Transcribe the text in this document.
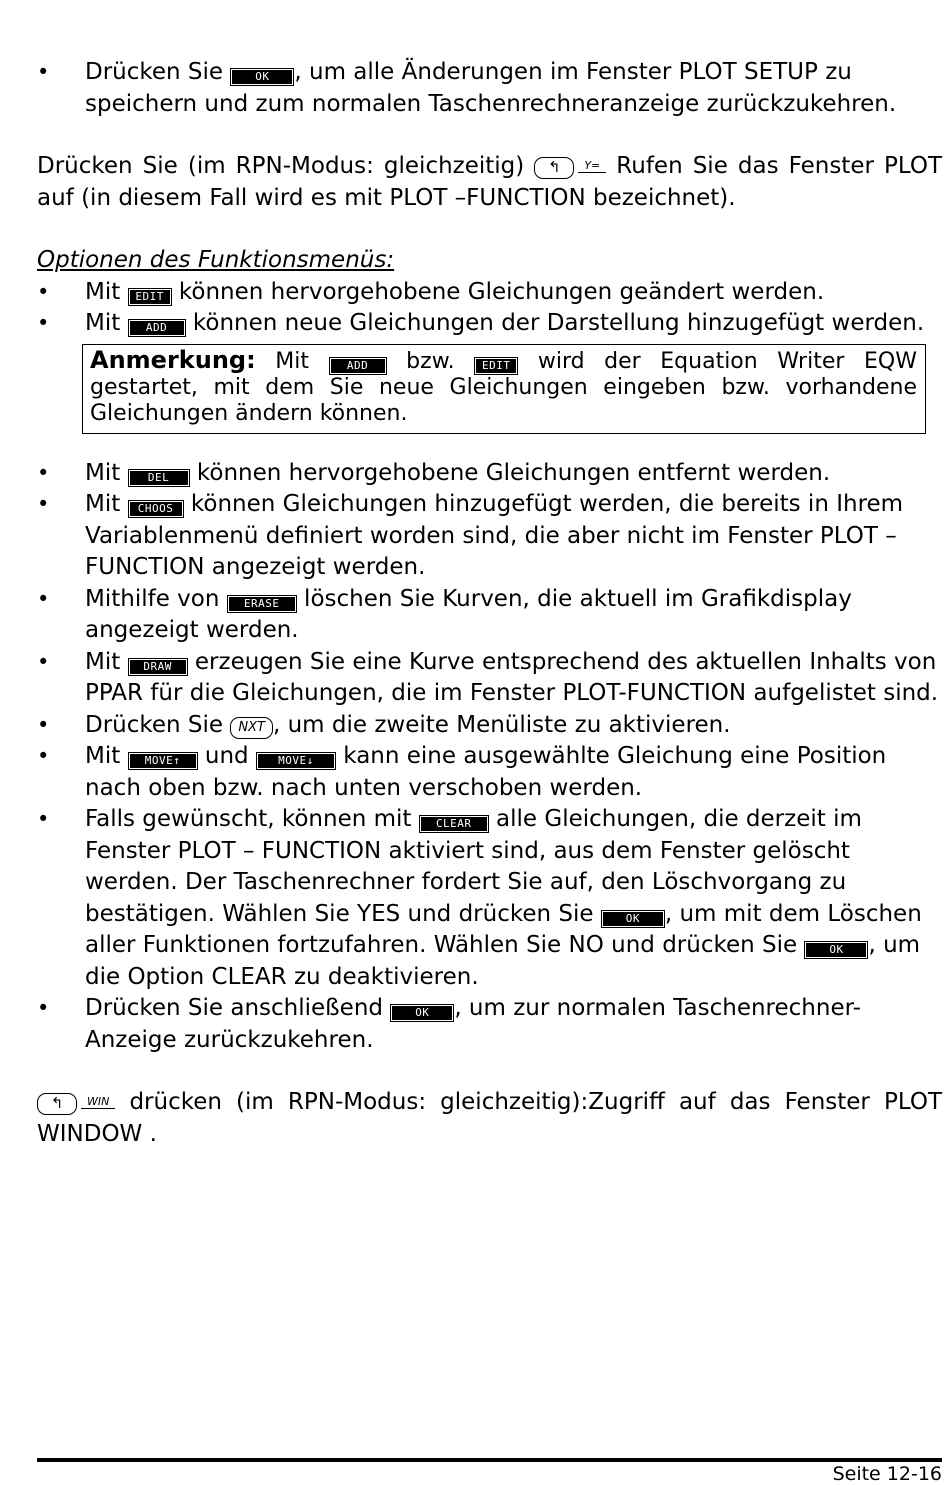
• Drücken Sie OK , um alle Änderungen im Fenster PLOT SETUP zu speichern und zum normalen Taschenrechneranzeige zurückzukehren.

Drücken Sie (im RPN-Modus: gleichzeitig) ↰ Y= Rufen Sie das Fenster PLOT auf (in diesem Fall wird es mit PLOT –FUNCTION bezeichnet).

Optionen des Funktionsmenüs:

• Mit EDIT können hervorgehobene Gleichungen geändert werden.
• Mit ADD können neue Gleichungen der Darstellung hinzugefügt werden.
Anmerkung: Mit ADD bzw. EDIT wird der Equation Writer EQW gestartet, mit dem Sie neue Gleichungen eingeben bzw. vorhandene Gleichungen ändern können.
• Mit DEL können hervorgehobene Gleichungen entfernt werden.
• Mit CHOOS können Gleichungen hinzugefügt werden, die bereits in Ihrem Variablenmenü definiert worden sind, die aber nicht im Fenster PLOT – FUNCTION angezeigt werden.
• Mithilfe von ERASE löschen Sie Kurven, die aktuell im Grafikdisplay angezeigt werden.
• Mit DRAW erzeugen Sie eine Kurve entsprechend des aktuellen Inhalts von PPAR für die Gleichungen, die im Fenster PLOT-FUNCTION aufgelistet sind.
• Drücken Sie NXT , um die zweite Menüliste zu aktivieren.
• Mit MOVE↑ und MOVE↓ kann eine ausgewählte Gleichung eine Position nach oben bzw. nach unten verschoben werden.
• Falls gewünscht, können mit CLEAR alle Gleichungen, die derzeit im Fenster PLOT – FUNCTION aktiviert sind, aus dem Fenster gelöscht werden. Der Taschenrechner fordert Sie auf, den Löschvorgang zu bestätigen. Wählen Sie YES und drücken Sie OK , um mit dem Löschen aller Funktionen fortzufahren. Wählen Sie NO und drücken Sie OK , um die Option CLEAR zu deaktivieren.
• Drücken Sie anschließend OK , um zur normalen Taschenrechner-Anzeige zurückzukehren.

↰ WIN drücken (im RPN-Modus: gleichzeitig):Zugriff auf das Fenster PLOT WINDOW .

Seite 12-16
